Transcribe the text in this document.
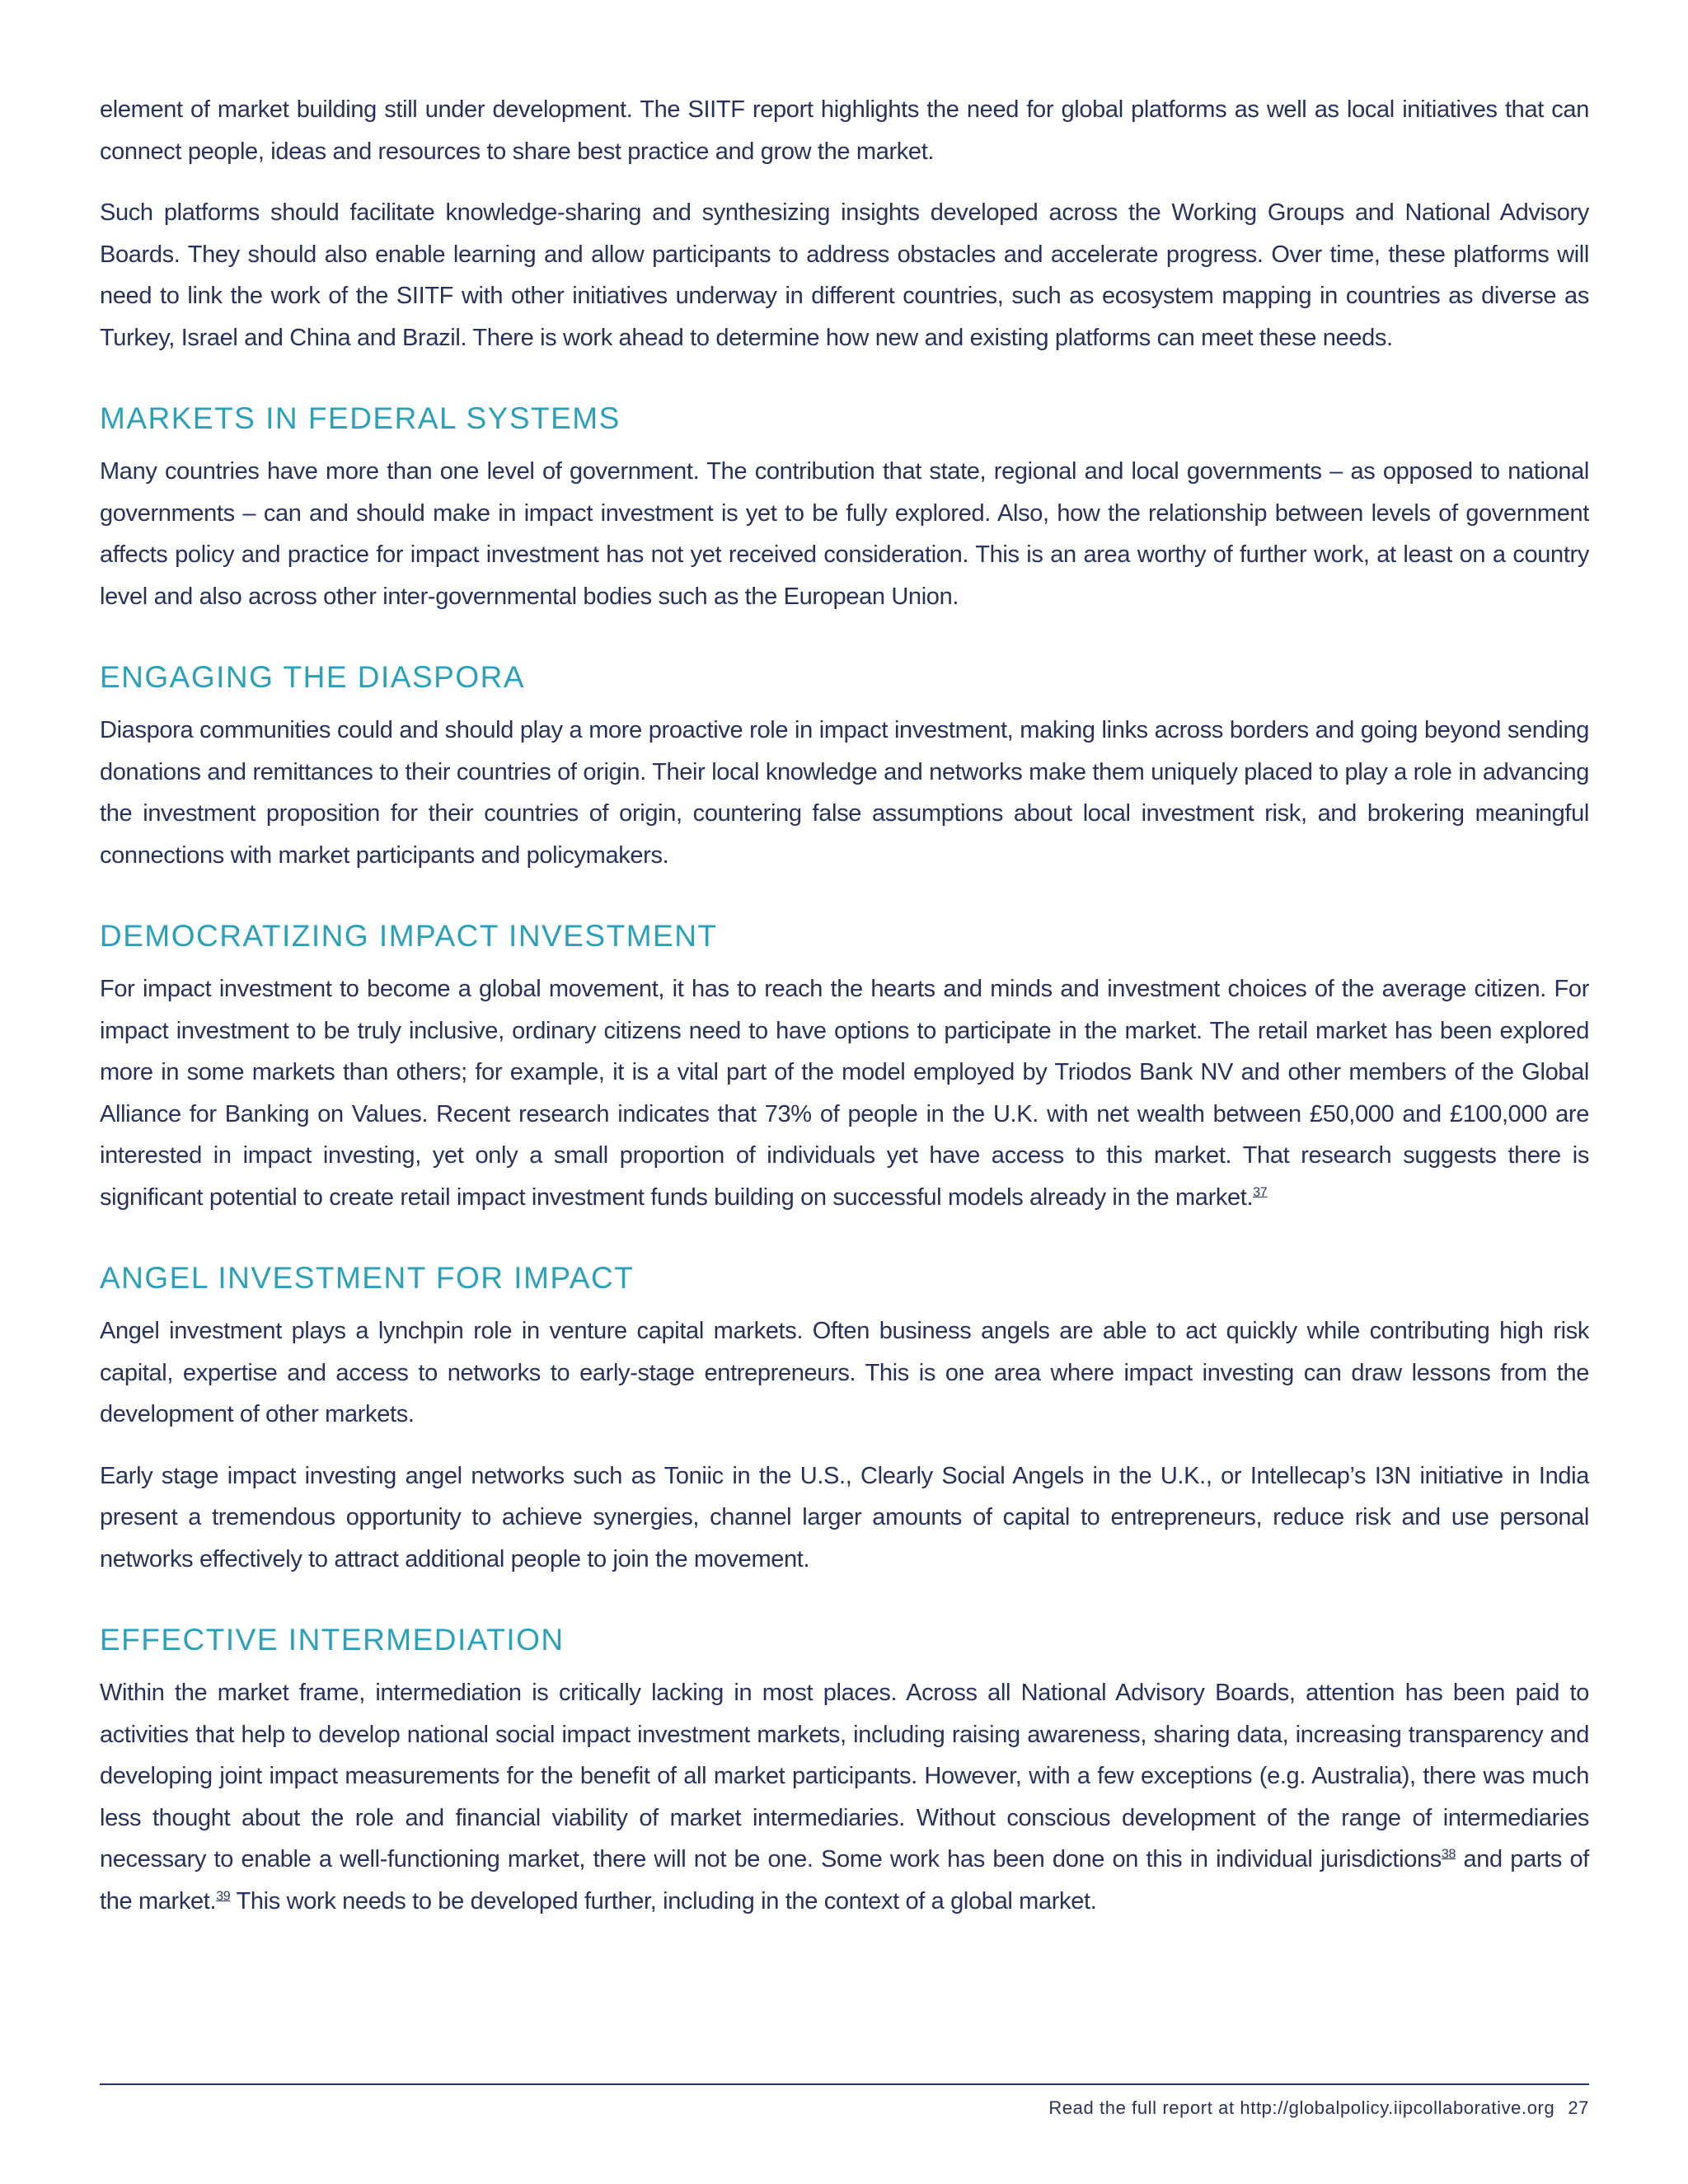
element of market building still under development. The SIITF report highlights the need for global platforms as well as local initiatives that can connect people, ideas and resources to share best practice and grow the market.

Such platforms should facilitate knowledge-sharing and synthesizing insights developed across the Working Groups and National Advisory Boards. They should also enable learning and allow participants to address obstacles and accelerate progress. Over time, these platforms will need to link the work of the SIITF with other initiatives underway in different countries, such as ecosystem mapping in countries as diverse as Turkey, Israel and China and Brazil. There is work ahead to determine how new and existing platforms can meet these needs.

MARKETS IN FEDERAL SYSTEMS

Many countries have more than one level of government. The contribution that state, regional and local governments – as opposed to national governments – can and should make in impact investment is yet to be fully explored. Also, how the relationship between levels of government affects policy and practice for impact investment has not yet received consideration. This is an area worthy of further work, at least on a country level and also across other inter-governmental bodies such as the European Union.

ENGAGING THE DIASPORA

Diaspora communities could and should play a more proactive role in impact investment, making links across borders and going beyond sending donations and remittances to their countries of origin. Their local knowledge and networks make them uniquely placed to play a role in advancing the investment proposition for their countries of origin, countering false assumptions about local investment risk, and brokering meaningful connections with market participants and policymakers.

DEMOCRATIZING IMPACT INVESTMENT

For impact investment to become a global movement, it has to reach the hearts and minds and investment choices of the average citizen. For impact investment to be truly inclusive, ordinary citizens need to have options to participate in the market. The retail market has been explored more in some markets than others; for example, it is a vital part of the model employed by Triodos Bank NV and other members of the Global Alliance for Banking on Values. Recent research indicates that 73% of people in the U.K. with net wealth between £50,000 and £100,000 are interested in impact investing, yet only a small proportion of individuals yet have access to this market. That research suggests there is significant potential to create retail impact investment funds building on successful models already in the market.$^{37}$

ANGEL INVESTMENT FOR IMPACT

Angel investment plays a lynchpin role in venture capital markets. Often business angels are able to act quickly while contributing high risk capital, expertise and access to networks to early-stage entrepreneurs. This is one area where impact investing can draw lessons from the development of other markets.

Early stage impact investing angel networks such as Toniic in the U.S., Clearly Social Angels in the U.K., or Intellecap’s I3N initiative in India present a tremendous opportunity to achieve synergies, channel larger amounts of capital to entrepreneurs, reduce risk and use personal networks effectively to attract additional people to join the movement.

EFFECTIVE INTERMEDIATION

Within the market frame, intermediation is critically lacking in most places. Across all National Advisory Boards, attention has been paid to activities that help to develop national social impact investment markets, including raising awareness, sharing data, increasing transparency and developing joint impact measurements for the benefit of all market participants. However, with a few exceptions (e.g. Australia), there was much less thought about the role and financial viability of market intermediaries. Without conscious development of the range of intermediaries necessary to enable a well-functioning market, there will not be one. Some work has been done on this in individual jurisdictions$^{38}$ and parts of the market.$^{39}$ This work needs to be developed further, including in the context of a global market.

Read the full report at http://globalpolicy.iipcollaborative.org 27
